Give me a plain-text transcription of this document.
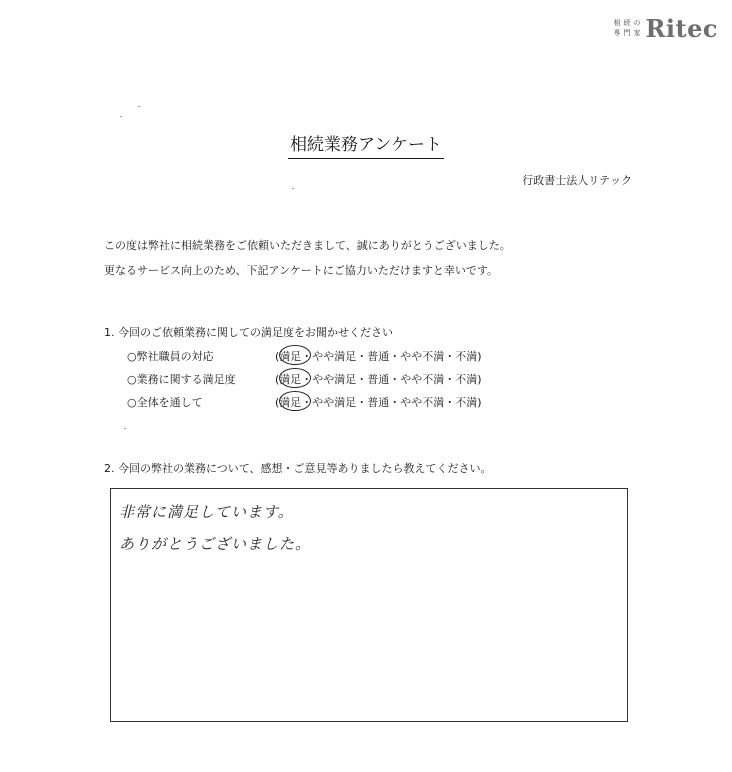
相 続 の
専 門 家 Ritec
相続業務アンケート
行政書士法人リテック
この度は弊社に相続業務をご依頼いただきまして、誠にありがとうございました。
更なるサービス向上のため、下記アンケートにご協力いただけますと幸いです。
1. 今回のご依頼業務に関しての満足度をお聞かせください
○弊社職員の対応	(満足・やや満足・普通・やや不満・不満)
○業務に関する満足度	(満足・やや満足・普通・やや不満・不満)
○全体を通して	(満足・やや満足・普通・やや不満・不満)
2. 今回の弊社の業務について、感想・ご意見等ありましたら教えてください。
非常に満足しています。
ありがとうございました。
